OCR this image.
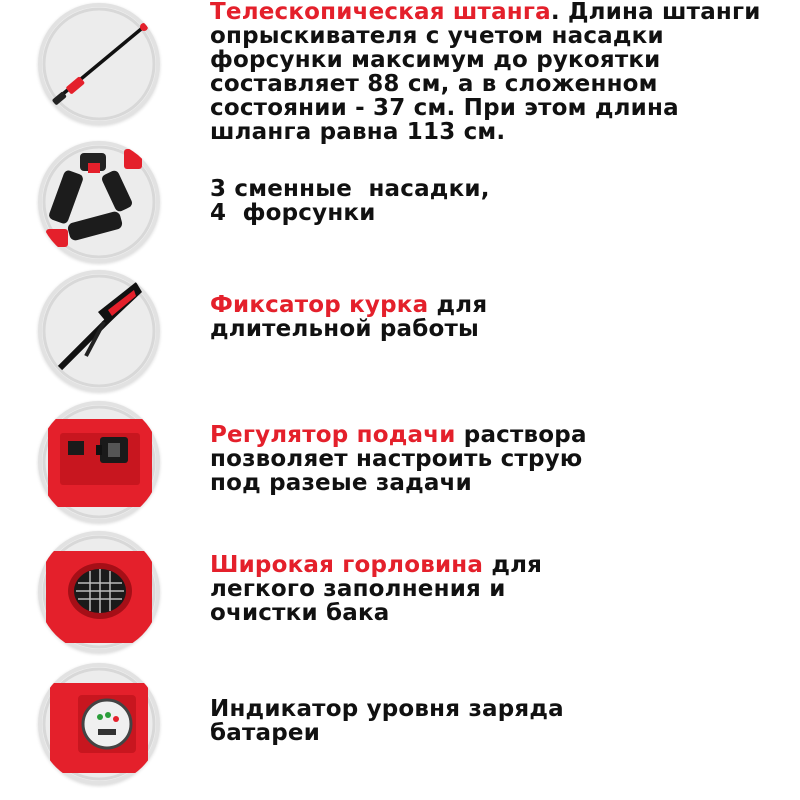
Телескопическая штанга. Длина штанги
опрыскивателя с учетом насадки
форсунки максимум до рукоятки
составляет 88 см, а в сложенном
состоянии - 37 см. При этом длина
шланга равна 113 см.
3 сменные  насадки,
4  форсунки
Фиксатор курка для
длительной работы
Регулятор подачи раствора
позволяет настроить струю
под разеые задачи
Широкая горловина для
легкого заполнения и
очистки бака
Индикатор уровня заряда
батареи
